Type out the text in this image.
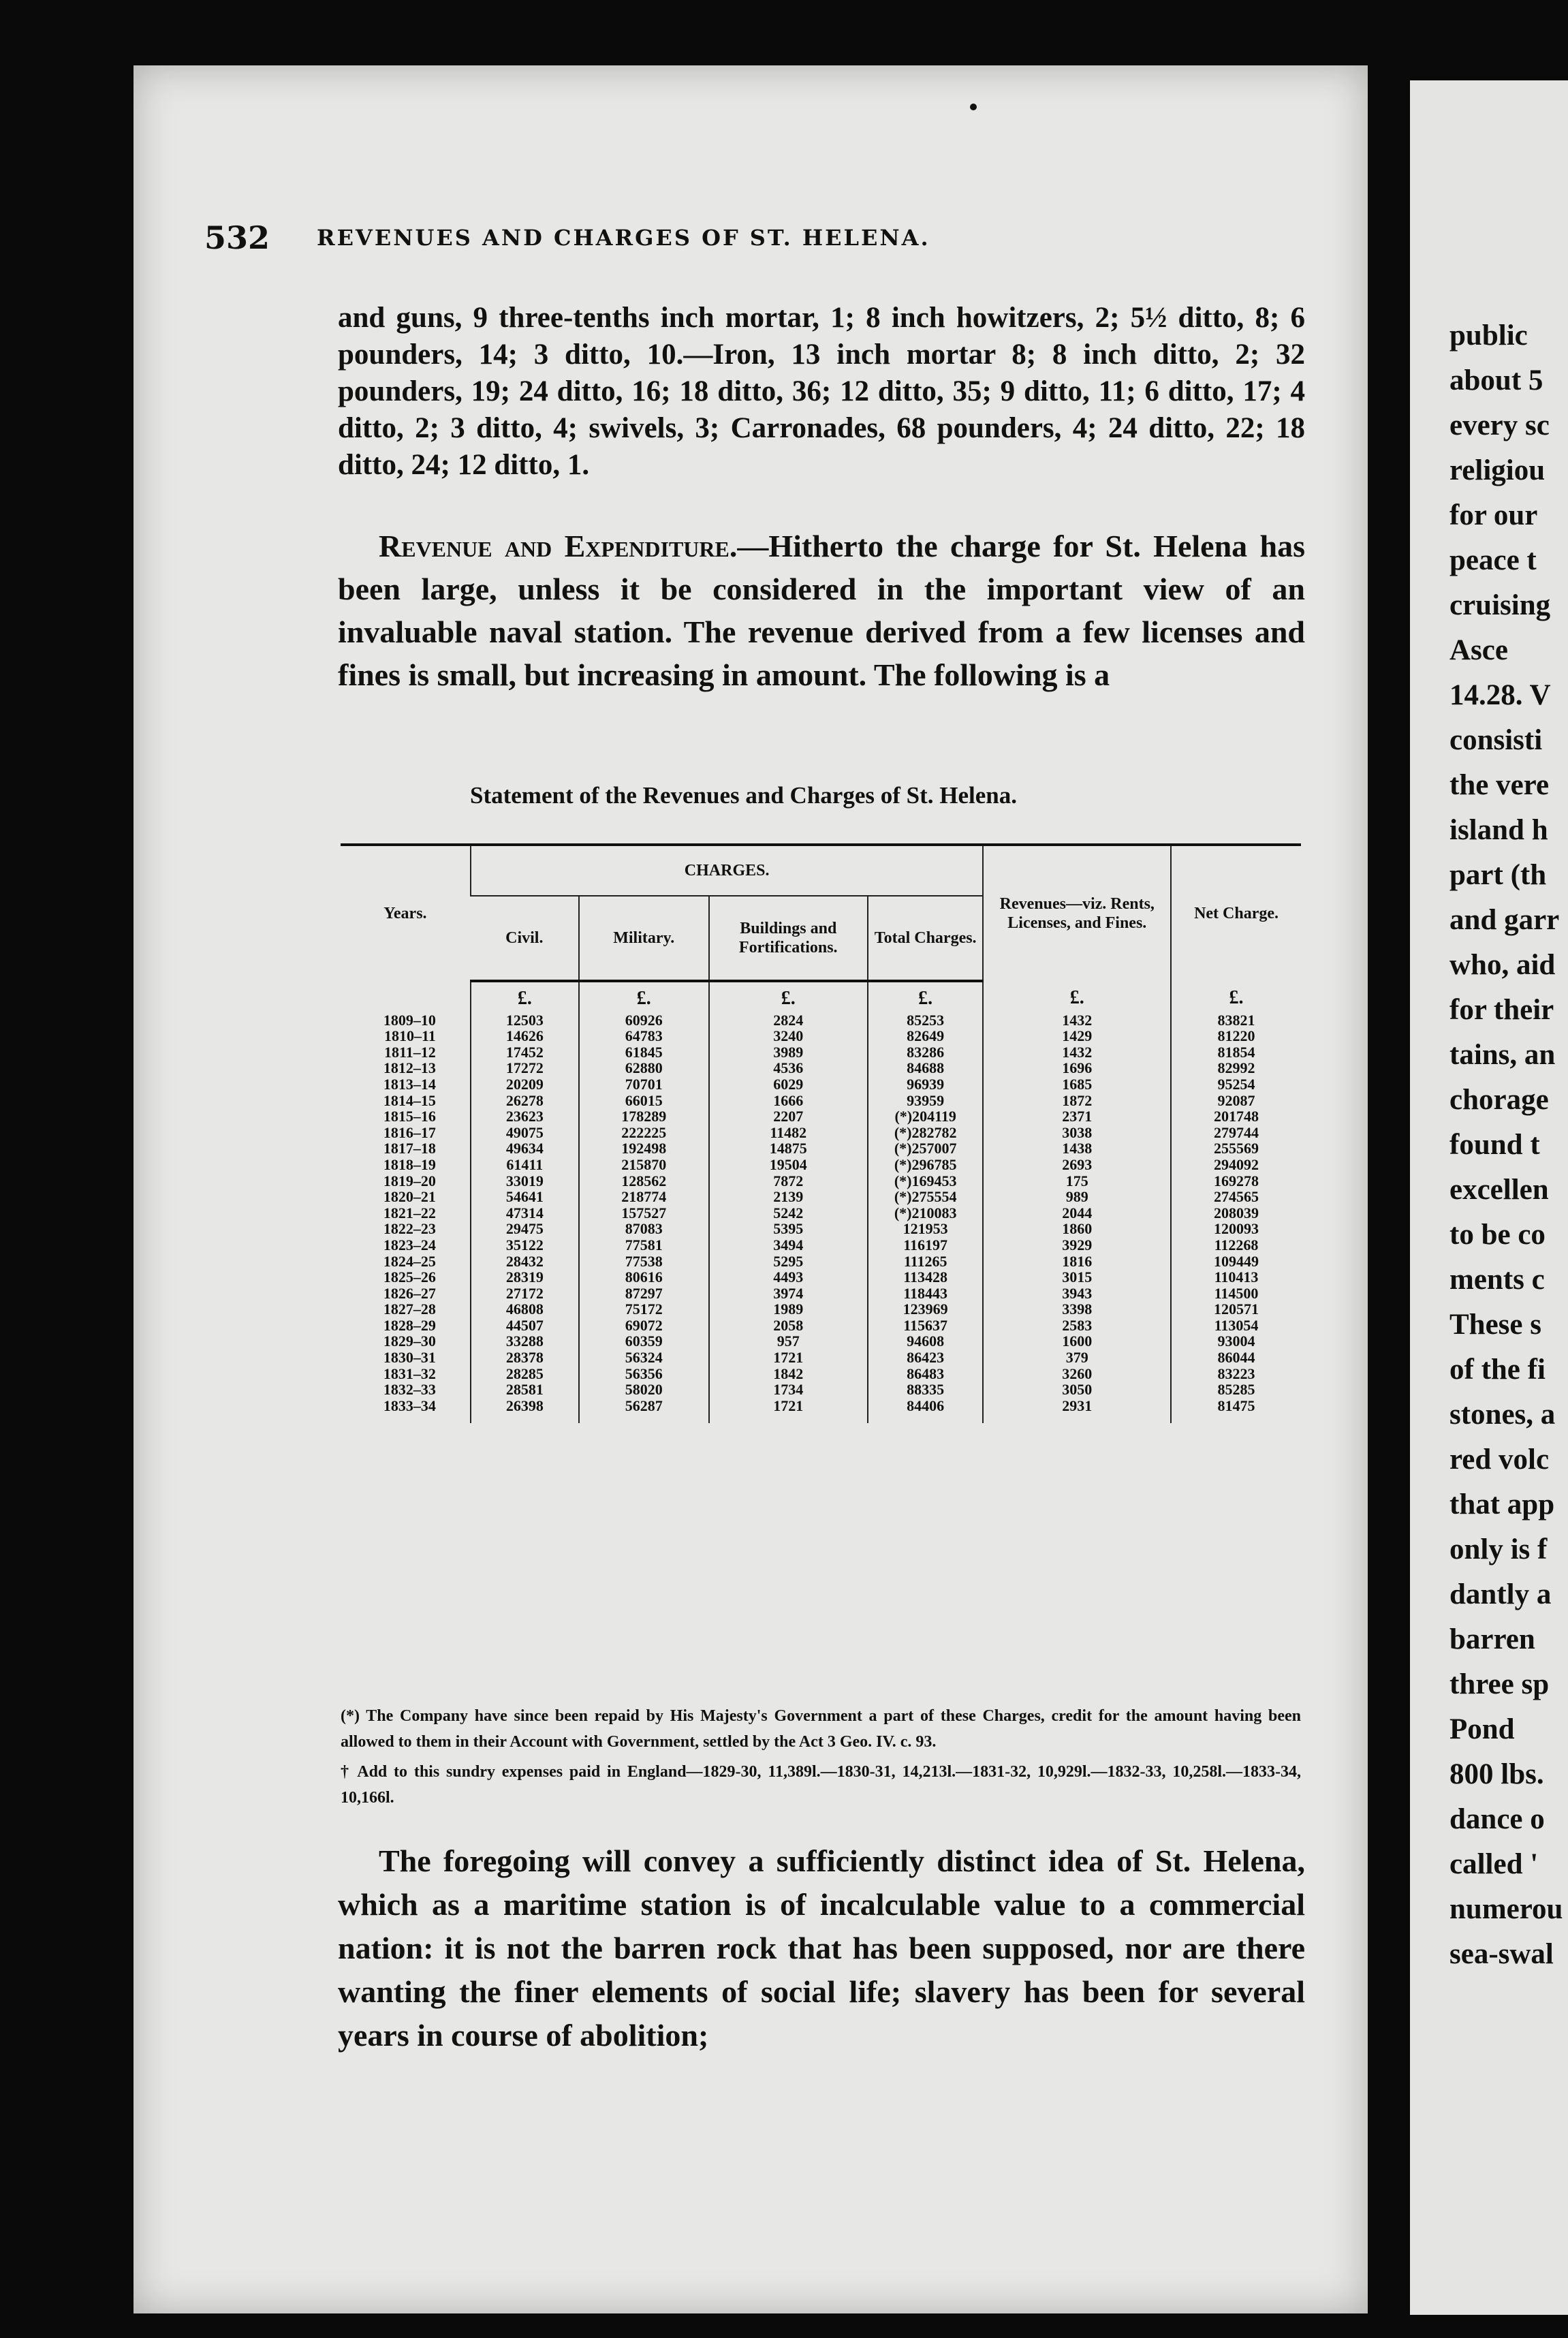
532 REVENUES AND CHARGES OF ST. HELENA.

and guns, 9 three-tenths inch mortar, 1; 8 inch howitzers, 2; 5½ ditto, 8; 6 pounders, 14; 3 ditto, 10.—Iron, 13 inch mortar 8; 8 inch ditto, 2; 32 pounders, 19; 24 ditto, 16; 18 ditto, 36; 12 ditto, 35; 9 ditto, 11; 6 ditto, 17; 4 ditto, 2; 3 ditto, 4; swivels, 3; Carronades, 68 pounders, 4; 24 ditto, 22; 18 ditto, 24; 12 ditto, 1.

Revenue and Expenditure.—Hitherto the charge for St. Helena has been large, unless it be considered in the important view of an invaluable naval station. The revenue derived from a few licenses and fines is small, but increasing in amount. The following is a

Statement of the Revenues and Charges of St. Helena.
Years.	CHARGES.				Revenues—viz. Rents, Licenses, and Fines.	Net Charge.
	Civil.	Military.	Buildings and Fortifications.	Total Charges.		
	£.	£.	£.	£.	£.	£.
1809–10	12503	60926	2824	85253	1432	83821
1810–11	14626	64783	3240	82649	1429	81220
1811–12	17452	61845	3989	83286	1432	81854
1812–13	17272	62880	4536	84688	1696	82992
1813–14	20209	70701	6029	96939	1685	95254
1814–15	26278	66015	1666	93959	1872	92087
1815–16	23623	178289	2207	(*)204119	2371	201748
1816–17	49075	222225	11482	(*)282782	3038	279744
1817–18	49634	192498	14875	(*)257007	1438	255569
1818–19	61411	215870	19504	(*)296785	2693	294092
1819–20	33019	128562	7872	(*)169453	175	169278
1820–21	54641	218774	2139	(*)275554	989	274565
1821–22	47314	157527	5242	(*)210083	2044	208039
1822–23	29475	87083	5395	121953	1860	120093
1823–24	35122	77581	3494	116197	3929	112268
1824–25	28432	77538	5295	111265	1816	109449
1825–26	28319	80616	4493	113428	3015	110413
1826–27	27172	87297	3974	118443	3943	114500
1827–28	46808	75172	1989	123969	3398	120571
1828–29	44507	69072	2058	115637	2583	113054
1829–30	33288	60359	957	94608	1600	93004
1830–31	28378	56324	1721	86423	379	86044
1831–32	28285	56356	1842	86483	3260	83223
1832–33	28581	58020	1734	88335	3050	85285
1833–34	26398	56287	1721	84406	2931	81475

(*) The Company have since been repaid by His Majesty's Government a part of these Charges, credit for the amount having been allowed to them in their Account with Government, settled by the Act 3 Geo. IV. c. 93.

† Add to this sundry expenses paid in England—1829-30, 11,389l.—1830-31, 14,213l.—1831-32, 10,929l.—1832-33, 10,258l.—1833-34, 10,166l.

The foregoing will convey a sufficiently distinct idea of St. Helena, which as a maritime station is of incalculable value to a commercial nation: it is not the barren rock that has been supposed, nor are there wanting the finer elements of social life; slavery has been for several years in course of abolition;

public
about 5
every sc
religiou
for our
peace t
cruising
Asce
14.28. V
consisti
the vere
island h
part (th
and garr
who, aid
for their
tains, an
chorage
found t
excellen
to be co
ments c
These s
of the fi
stones, a
red volc
that app
only is f
dantly a
barren
three sp
Pond
800 lbs.
dance o
called '
numerou
sea-swal
